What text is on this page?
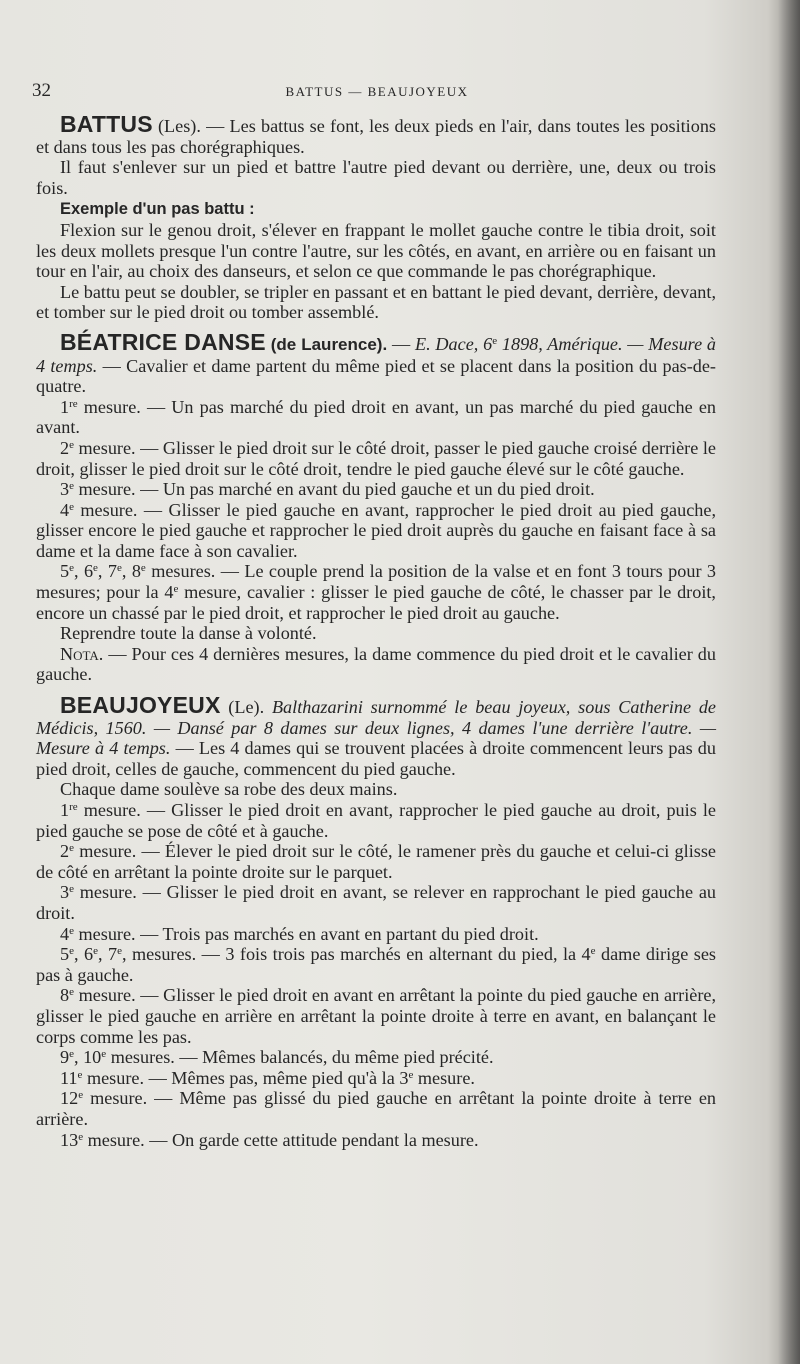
32	BATTUS — BEAUJOYEUX

BATTUS (Les). — Les battus se font, les deux pieds en l'air, dans toutes les positions et dans tous les pas chorégraphiques.

Il faut s'enlever sur un pied et battre l'autre pied devant ou derrière, une, deux ou trois fois.

Exemple d'un pas battu :

Flexion sur le genou droit, s'élever en frappant le mollet gauche contre le tibia droit, soit les deux mollets presque l'un contre l'autre, sur les côtés, en avant, en arrière ou en faisant un tour en l'air, au choix des danseurs, et selon ce que commande le pas chorégraphique.

Le battu peut se doubler, se tripler en passant et en battant le pied devant, derrière, devant, et tomber sur le pied droit ou tomber assemblé.

BÉATRICE DANSE (de Laurence). — E. Dace, 6e 1898, Amérique. — Mesure à 4 temps. — Cavalier et dame partent du même pied et se placent dans la position du pas-de-quatre.

1re mesure. — Un pas marché du pied droit en avant, un pas marché du pied gauche en avant.

2e mesure. — Glisser le pied droit sur le côté droit, passer le pied gauche croisé derrière le droit, glisser le pied droit sur le côté droit, tendre le pied gauche élevé sur le côté gauche.

3e mesure. — Un pas marché en avant du pied gauche et un du pied droit.

4e mesure. — Glisser le pied gauche en avant, rapprocher le pied droit au pied gauche, glisser encore le pied gauche et rapprocher le pied droit auprès du gauche en faisant face à sa dame et la dame face à son cavalier.

5e, 6e, 7e, 8e mesures. — Le couple prend la position de la valse et en font 3 tours pour 3 mesures; pour la 4e mesure, cavalier : glisser le pied gauche de côté, le chasser par le droit, encore un chassé par le pied droit, et rapprocher le pied droit au gauche.

Reprendre toute la danse à volonté.

Nota. — Pour ces 4 dernières mesures, la dame commence du pied droit et le cavalier du gauche.

BEAUJOYEUX (Le). Balthazarini surnommé le beau joyeux, sous Catherine de Médicis, 1560. — Dansé par 8 dames sur deux lignes, 4 dames l'une derrière l'autre. — Mesure à 4 temps. — Les 4 dames qui se trouvent placées à droite commencent leurs pas du pied droit, celles de gauche, commencent du pied gauche.

Chaque dame soulève sa robe des deux mains.

1re mesure. — Glisser le pied droit en avant, rapprocher le pied gauche au droit, puis le pied gauche se pose de côté et à gauche.

2e mesure. — Élever le pied droit sur le côté, le ramener près du gauche et celui-ci glisse de côté en arrêtant la pointe droite sur le parquet.

3e mesure. — Glisser le pied droit en avant, se relever en rapprochant le pied gauche au droit.

4e mesure. — Trois pas marchés en avant en partant du pied droit.

5e, 6e, 7e, mesures. — 3 fois trois pas marchés en alternant du pied, la 4e dame dirige ses pas à gauche.

8e mesure. — Glisser le pied droit en avant en arrêtant la pointe du pied gauche en arrière, glisser le pied gauche en arrière en arrêtant la pointe droite à terre en avant, en balançant le corps comme les pas.

9e, 10e mesures. — Mêmes balancés, du même pied précité.

11e mesure. — Mêmes pas, même pied qu'à la 3e mesure.

12e mesure. — Même pas glissé du pied gauche en arrêtant la pointe droite à terre en arrière.

13e mesure. — On garde cette attitude pendant la mesure.
